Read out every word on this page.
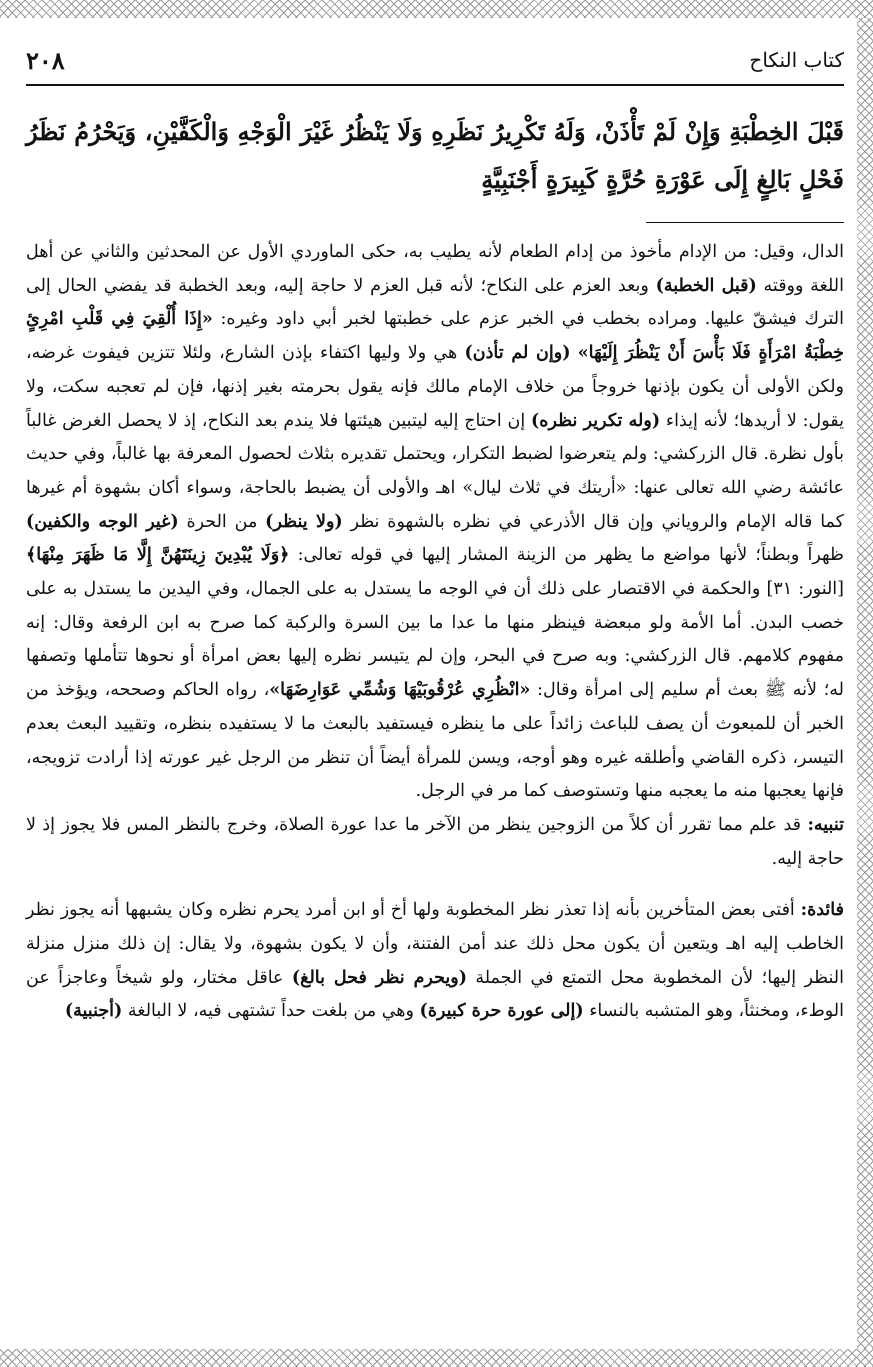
كتاب النكاح
٢٠٨
قَبْلَ الخِطْبَةِ وَإِنْ لَمْ تَأْذَنْ، وَلَهُ تَكْرِيرُ نَظَرِهِ وَلَا يَنْظُرُ غَيْرَ الْوَجْهِ وَالْكَفَّيْنِ، وَيَحْرُمُ نَظَرُ فَحْلٍ بَالِغٍ إِلَى عَوْرَةِ حُرَّةٍ كَبِيرَةٍ أَجْنَبِيَّةٍ

الدال، وقيل: من الإدام مأخوذ من إدام الطعام لأنه يطيب به، حكى الماوردي الأول عن المحدثين والثاني عن أهل اللغة ووقته (قبل الخطبة) وبعد العزم على النكاح؛ لأنه قبل العزم لا حاجة إليه، وبعد الخطبة قد يفضي الحال إلى الترك فيشقّ عليها. ومراده بخطب في الخبر عزم على خطبتها لخبر أبي داود وغيره: «إِذَا أُلْقِيَ فِي قَلْبِ امْرِئٍ خِطْبَةُ امْرَأَةٍ فَلَا بَأْسَ أَنْ يَنْظُرَ إِلَيْهَا» (وإن لم تأذن) هي ولا وليها اكتفاء بإذن الشارع، ولئلا تتزين فيفوت غرضه، ولكن الأولى أن يكون بإذنها خروجاً من خلاف الإمام مالك فإنه يقول بحرمته بغير إذنها، فإن لم تعجبه سكت، ولا يقول: لا أريدها؛ لأنه إيذاء (وله تكرير نظره) إن احتاج إليه ليتبين هيئتها فلا يندم بعد النكاح، إذ لا يحصل الغرض غالباً بأول نظرة. قال الزركشي: ولم يتعرضوا لضبط التكرار، ويحتمل تقديره بثلاث لحصول المعرفة بها غالباً، وفي حديث عائشة رضي الله تعالى عنها: «أريتك في ثلاث ليال» اهـ والأولى أن يضبط بالحاجة، وسواء أكان بشهوة أم غيرها كما قاله الإمام والروياني وإن قال الأذرعي في نظره بالشهوة نظر (ولا ينظر) من الحرة (غير الوجه والكفين) ظهراً وبطناً؛ لأنها مواضع ما يظهر من الزينة المشار إليها في قوله تعالى: ﴿وَلَا يُبْدِينَ زِينَتَهُنَّ إِلَّا مَا ظَهَرَ مِنْهَا﴾ [النور: ٣١] والحكمة في الاقتصار على ذلك أن في الوجه ما يستدل به على الجمال، وفي اليدين ما يستدل به على خصب البدن. أما الأمة ولو مبعضة فينظر منها ما عدا ما بين السرة والركبة كما صرح به ابن الرفعة وقال: إنه مفهوم كلامهم. قال الزركشي: وبه صرح في البحر، وإن لم يتيسر نظره إليها بعض امرأة أو نحوها تتأملها وتصفها له؛ لأنه ﷺ بعث أم سليم إلى امرأة وقال: «انْظُرِي عُرْقُوبَيْهَا وَشُمِّي عَوَارِضَهَا»، رواه الحاكم وصححه، ويؤخذ من الخبر أن للمبعوث أن يصف للباعث زائداً على ما ينظره فيستفيد بالبعث ما لا يستفيده بنظره، وتقييد البعث بعدم التيسر، ذكره القاضي وأطلقه غيره وهو أوجه، ويسن للمرأة أيضاً أن تنظر من الرجل غير عورته إذا أرادت تزويجه، فإنها يعجبها منه ما يعجبه منها وتستوصف كما مر في الرجل.

تنبيه: قد علم مما تقرر أن كلاً من الزوجين ينظر من الآخر ما عدا عورة الصلاة، وخرج بالنظر المس فلا يجوز إذ لا حاجة إليه.

فائدة: أفتى بعض المتأخرين بأنه إذا تعذر نظر المخطوبة ولها أخ أو ابن أمرد يحرم نظره وكان يشبهها أنه يجوز نظر الخاطب إليه اهـ ويتعين أن يكون محل ذلك عند أمن الفتنة، وأن لا يكون بشهوة، ولا يقال: إن ذلك منزل منزلة النظر إليها؛ لأن المخطوبة محل التمتع في الجملة (ويحرم نظر فحل بالغ) عاقل مختار، ولو شيخاً وعاجزاً عن الوطء، ومخنثاً، وهو المتشبه بالنساء (إلى عورة حرة كبيرة) وهي من بلغت حداً تشتهى فيه، لا البالغة (أجنبية)
